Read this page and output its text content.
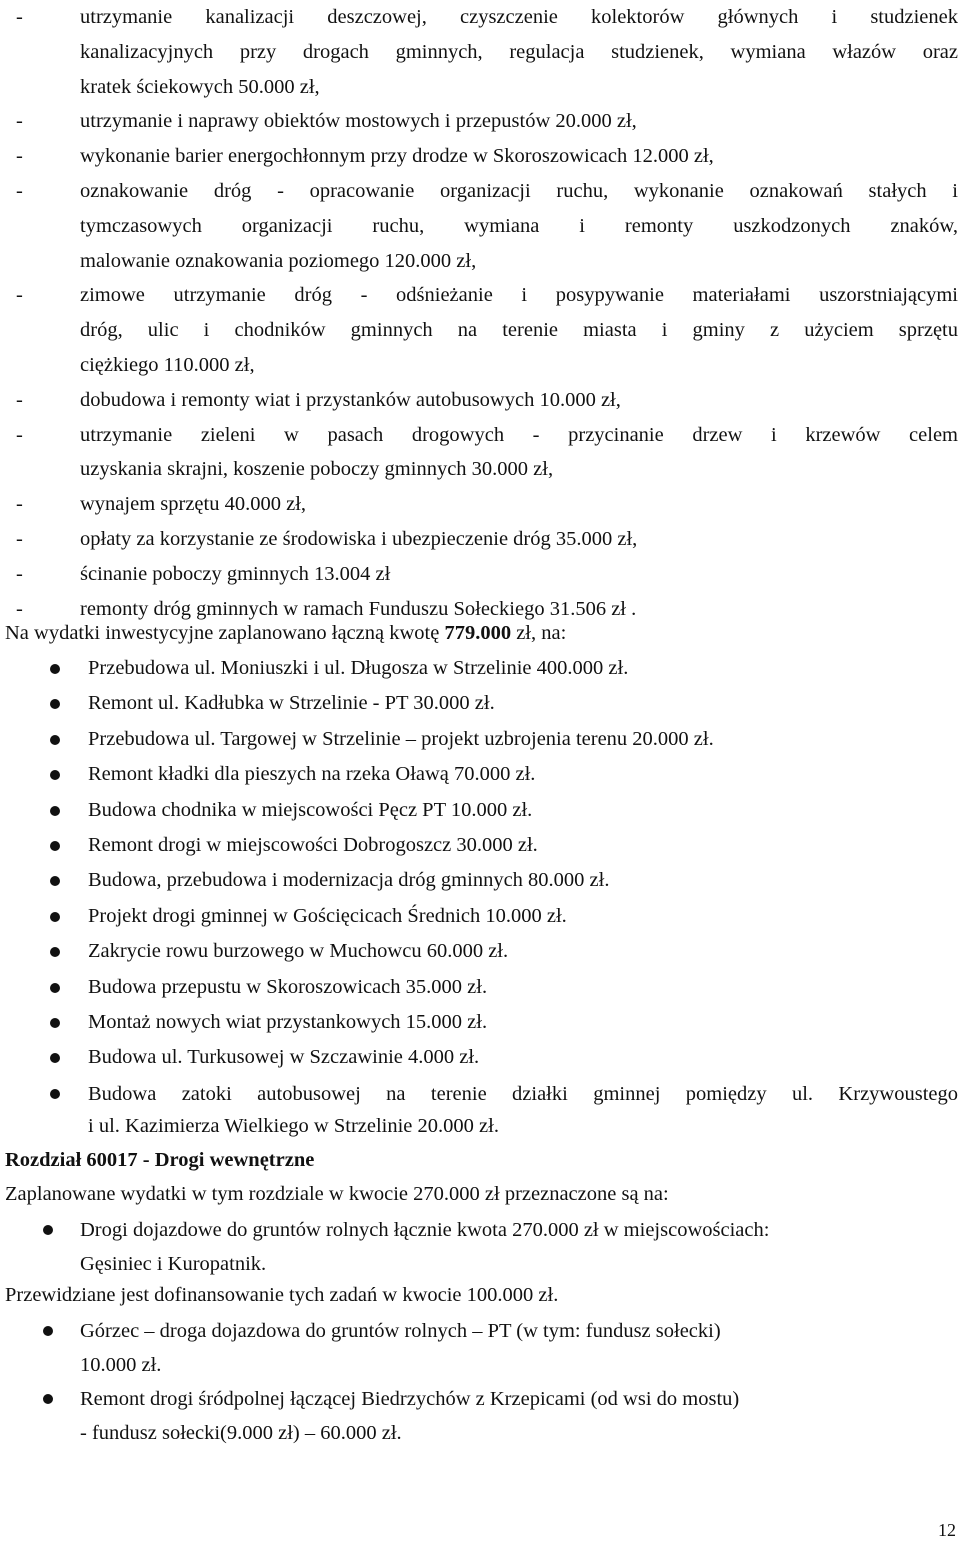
-	utrzymanie kanalizacji deszczowej, czyszczenie kolektorów głównych i studzienek
kanalizacyjnych przy drogach gminnych, regulacja studzienek, wymiana włazów oraz
kratek ściekowych 50.000 zł,
-	utrzymanie i naprawy obiektów mostowych i przepustów 20.000 zł,
-	wykonanie barier energochłonnym przy drodze w Skoroszowicach 12.000 zł,
-	oznakowanie dróg - opracowanie organizacji ruchu, wykonanie oznakowań stałych i
tymczasowych organizacji ruchu, wymiana i remonty uszkodzonych znaków,
malowanie oznakowania poziomego 120.000 zł,
-	zimowe utrzymanie dróg - odśnieżanie i posypywanie materiałami uszorstniającymi
dróg, ulic i chodników gminnych na terenie miasta i gminy z użyciem sprzętu
ciężkiego 110.000 zł,
-	dobudowa i remonty wiat i przystanków autobusowych 10.000 zł,
-	utrzymanie zieleni w pasach drogowych - przycinanie drzew i krzewów celem
uzyskania skrajni, koszenie poboczy gminnych 30.000 zł,
-	wynajem sprzętu 40.000 zł,
-	opłaty za korzystanie ze środowiska i ubezpieczenie dróg 35.000 zł,
-	ścinanie poboczy gminnych 13.004 zł
-	remonty dróg gminnych w ramach Funduszu Sołeckiego 31.506 zł .
Na wydatki inwestycyjne zaplanowano łączną kwotę 779.000 zł, na:
Przebudowa ul. Moniuszki i ul. Długosza w Strzelinie 400.000 zł.
Remont ul. Kadłubka w Strzelinie - PT 30.000 zł.
Przebudowa ul. Targowej w Strzelinie – projekt uzbrojenia terenu 20.000 zł.
Remont kładki dla pieszych na rzeka Oławą 70.000 zł.
Budowa chodnika w miejscowości Pęcz PT 10.000 zł.
Remont drogi w miejscowości Dobrogoszcz 30.000 zł.
Budowa, przebudowa i modernizacja dróg gminnych 80.000 zł.
Projekt drogi gminnej w Gościęcicach Średnich 10.000 zł.
Zakrycie rowu burzowego w Muchowcu 60.000 zł.
Budowa przepustu w Skoroszowicach 35.000 zł.
Montaż nowych wiat przystankowych 15.000 zł.
Budowa ul. Turkusowej w Szczawinie 4.000 zł.
Budowa zatoki autobusowej na terenie działki gminnej pomiędzy ul. Krzywoustego
i ul. Kazimierza Wielkiego w Strzelinie 20.000 zł.
Rozdział 60017 - Drogi wewnętrzne
Zaplanowane wydatki w tym rozdziale w kwocie 270.000 zł przeznaczone są na:
Drogi dojazdowe do gruntów rolnych łącznie kwota 270.000 zł w miejscowościach:
Gęsiniec i Kuropatnik.
Przewidziane jest dofinansowanie tych zadań w kwocie 100.000 zł.
Górzec – droga dojazdowa do gruntów rolnych – PT (w tym: fundusz sołecki)
10.000 zł.
Remont drogi śródpolnej łączącej Biedrzychów z Krzepicami (od wsi do mostu)
- fundusz sołecki(9.000 zł) – 60.000 zł.
12
